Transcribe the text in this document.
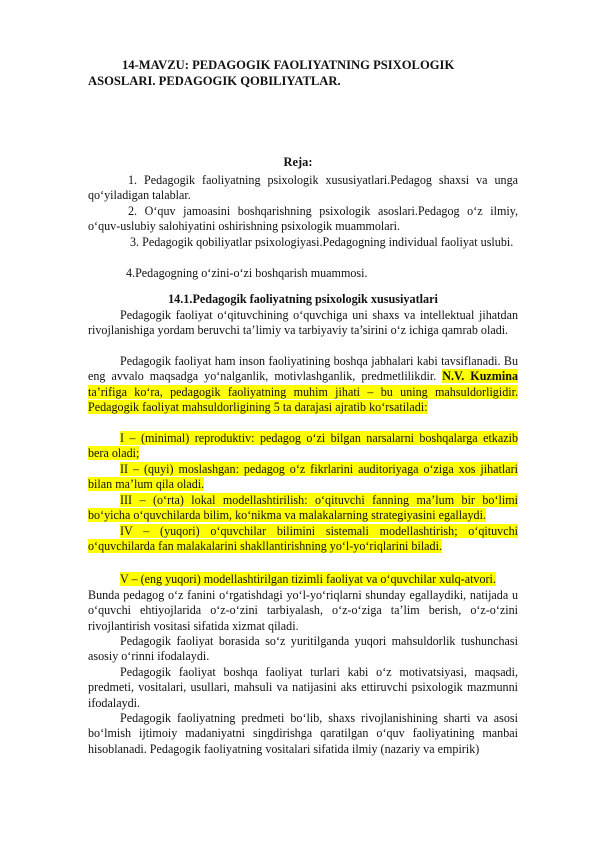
14-MAVZU: PEDAGOGIK FAOLIYATNING PSIXOLOGIK
ASOSLARI. PEDAGOGIK QOBILIYATLAR.
Reja:
1. Pedagogik faoliyatning psixologik xususiyatlari.Pedagog shaxsi va unga qo‘yiladigan talablar.
2. O‘quv jamoasini boshqarishning psixologik asoslari.Pedagog o‘z ilmiy, o‘quv-uslubiy salohiyatini oshirishning psixologik muammolari.
3. Pedagogik qobiliyatlar psixologiyasi.Pedagogning individual faoliyat uslubi.
4.Pedagogning o‘zini-o‘zi boshqarish muammosi.
14.1.Pedagogik faoliyatning psixologik xususiyatlari
Pedagogik faoliyat o‘qituvchining o‘quvchiga uni shaxs va intellektual jihatdan rivojlanishiga yordam beruvchi ta’limiy va tarbiyaviy ta’sirini o‘z ichiga qamrab oladi.
Pedagogik faoliyat ham inson faoliyatining boshqa jabhalari kabi tavsiflanadi. Bu eng avvalo maqsadga yo‘nalganlik, motivlashganlik, predmetlilikdir. N.V. Kuzmina ta’rifiga ko‘ra, pedagogik faoliyatning muhim jihati – bu uning mahsuldorligidir. Pedagogik faoliyat mahsuldorligining 5 ta darajasi ajratib ko‘rsatiladi:
I – (minimal) reproduktiv: pedagog o‘zi bilgan narsalarni boshqalarga etkazib bera oladi;
II – (quyi) moslashgan: pedagog o‘z fikrlarini auditoriyaga o‘ziga xos jihatlari bilan ma’lum qila oladi.
III – (o‘rta) lokal modellashtirilish: o‘qituvchi fanning ma’lum bir bo‘limi bo‘yicha o‘quvchilarda bilim, ko‘nikma va malakalarning strategiyasini egallaydi.
IV – (yuqori) o‘quvchilar bilimini sistemali modellashtirish; o‘qituvchi o‘quvchilarda fan malakalarini shakllantirishning yo‘l-yo‘riqlarini biladi.
V – (eng yuqori) modellashtirilgan tizimli faoliyat va o‘quvchilar xulq-atvori.
Bunda pedagog o‘z fanini o‘rgatishdagi yo‘l-yo‘riqlarni shunday egallaydiki, natijada u o‘quvchi ehtiyojlarida o‘z-o‘zini tarbiyalash, o‘z-o‘ziga ta’lim berish, o‘z-o‘zini rivojlantirish vositasi sifatida xizmat qiladi.
Pedagogik faoliyat borasida so‘z yuritilganda yuqori mahsuldorlik tushunchasi asosiy o‘rinni ifodalaydi.
Pedagogik faoliyat boshqa faoliyat turlari kabi o‘z motivatsiyasi, maqsadi, predmeti, vositalari, usullari, mahsuli va natijasini aks ettiruvchi psixologik mazmunni ifodalaydi.
Pedagogik faoliyatning predmeti bo‘lib, shaxs rivojlanishining sharti va asosi bo‘lmish ijtimoiy madaniyatni singdirishga qaratilgan o‘quv faoliyatining manbai hisoblanadi. Pedagogik faoliyatning vositalari sifatida ilmiy (nazariy va empirik)
